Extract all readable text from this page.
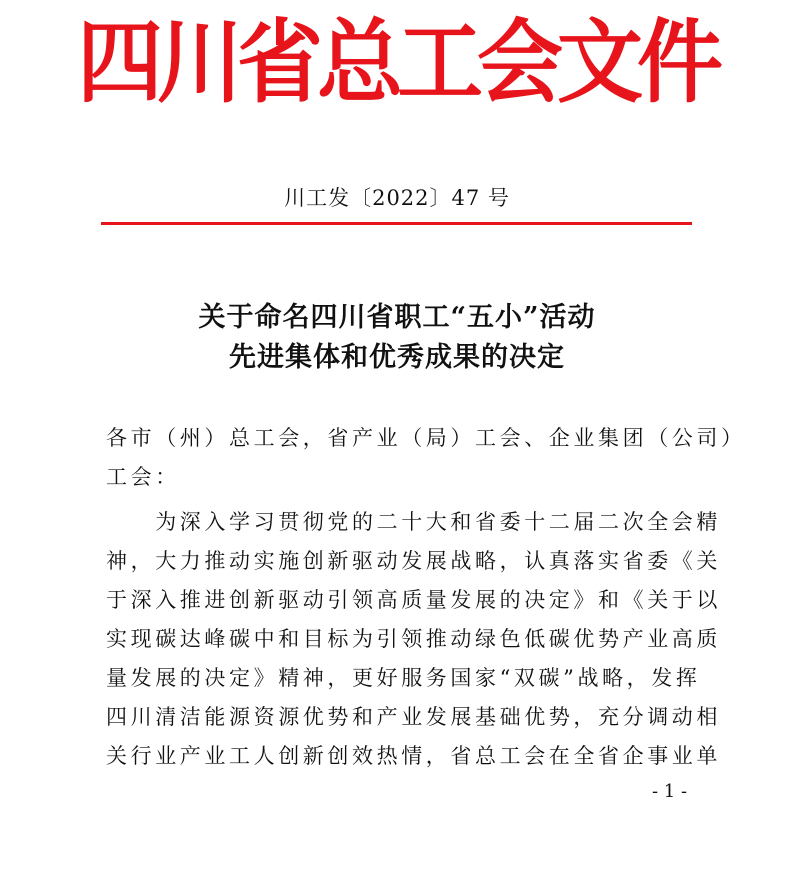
四川省总工会文件
川工发〔2022〕47 号
关于命名四川省职工“五小”活动
先进集体和优秀成果的决定
各市（州）总工会，省产业（局）工会、企业集团（公司）
工会：
　　为深入学习贯彻党的二十大和省委十二届二次全会精
神，大力推动实施创新驱动发展战略，认真落实省委《关
于深入推进创新驱动引领高质量发展的决定》和《关于以
实现碳达峰碳中和目标为引领推动绿色低碳优势产业高质
量发展的决定》精神，更好服务国家“双碳”战略，发挥
四川清洁能源资源优势和产业发展基础优势，充分调动相
关行业产业工人创新创效热情，省总工会在全省企事业单
- 1 -
